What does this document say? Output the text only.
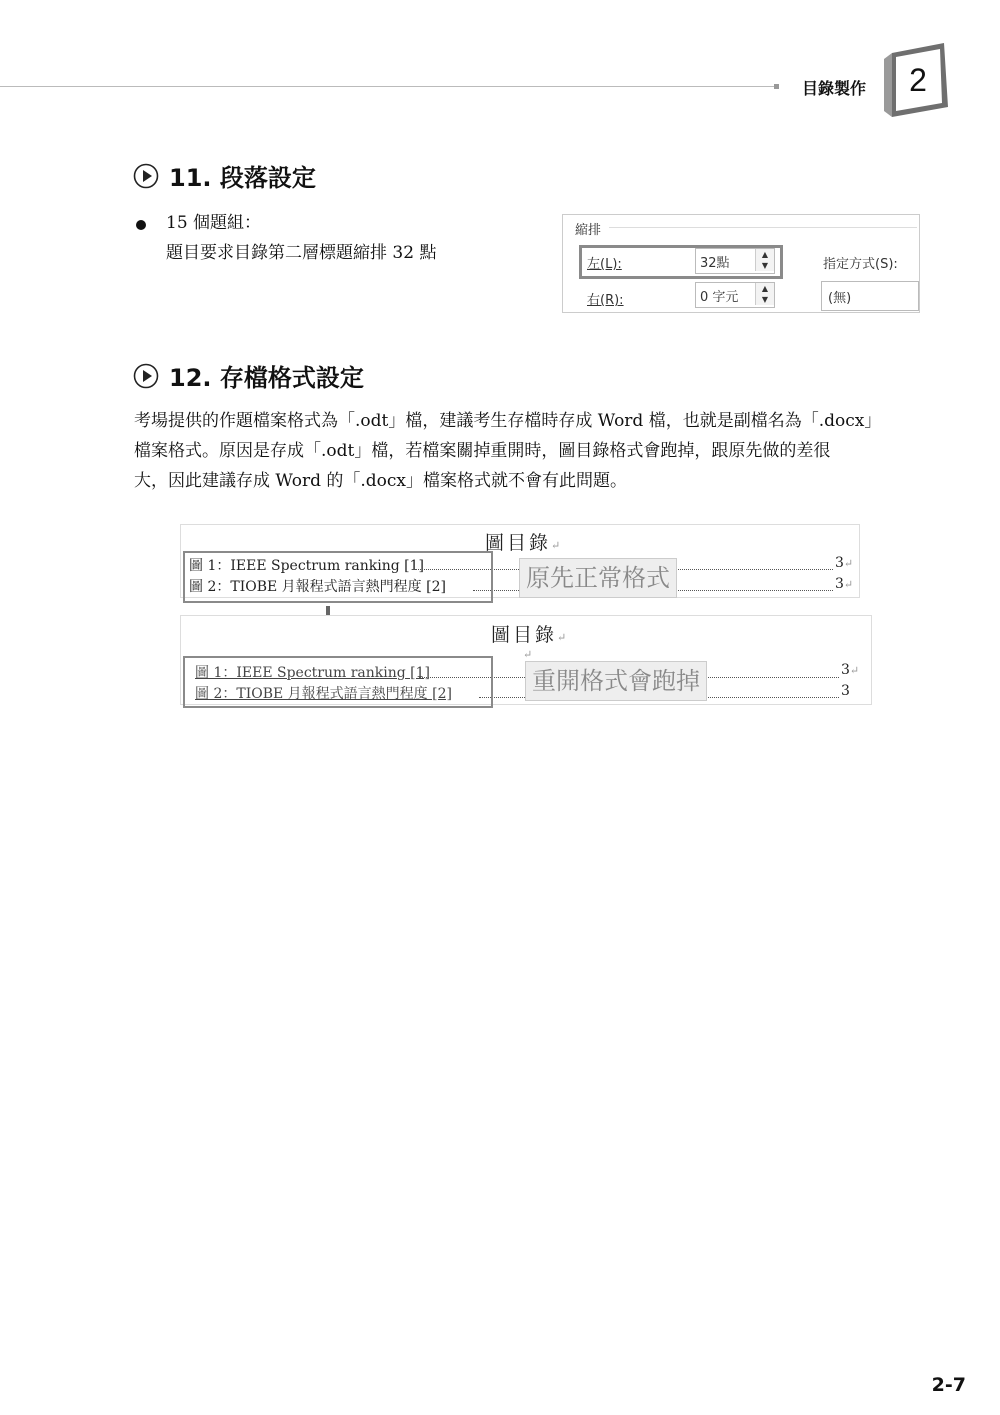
目錄製作 2
11. 段落設定
15 個題組：
題目要求目錄第二層標題縮排 32 點
縮排
左(L):	32點
▲
▼
右(R):	0 字元
▲
▼
指定方式(S):
(無)
12. 存檔格式設定
考場提供的作題檔案格式為「.odt」檔，建議考生存檔時存成 Word 檔，也就是副檔名為「.docx」
檔案格式。原因是存成「.odt」檔，若檔案關掉重開時，圖目錄格式會跑掉，跟原先做的差很
大，因此建議存成 Word 的「.docx」檔案格式就不會有此問題。
圖目錄↵
圖 1：IEEE Spectrum ranking [1]	3↵
圖 2：TIOBE 月報程式語言熱門程度 [2]	3↵
原先正常格式
圖目錄↵
↵
圖 1：IEEE Spectrum ranking [1]	3↵
圖 2：TIOBE 月報程式語言熱門程度 [2]	3
重開格式會跑掉
2-7
